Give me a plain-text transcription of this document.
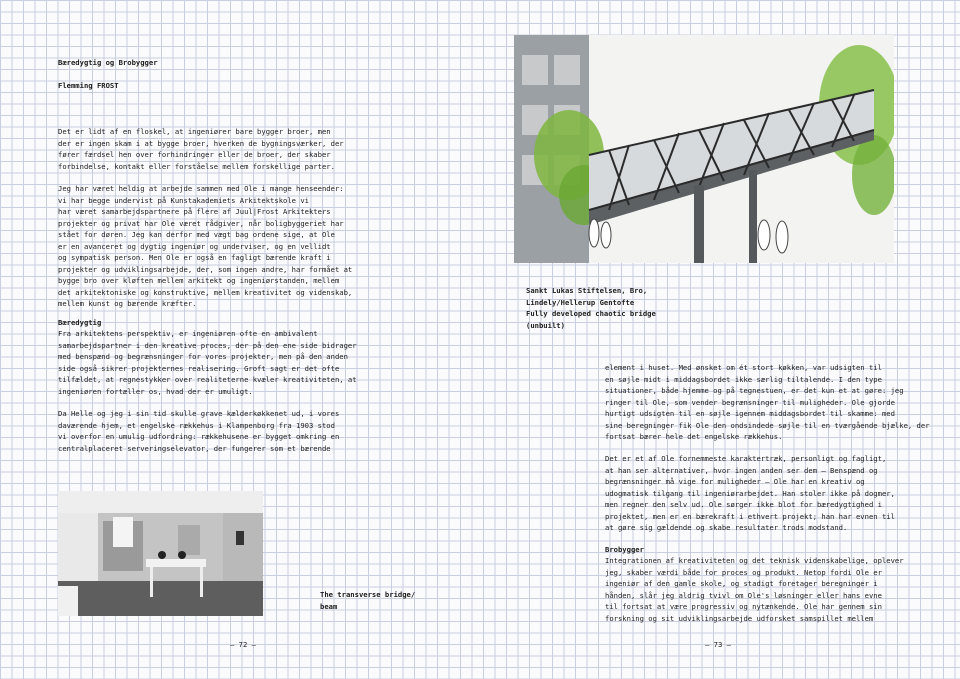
Bæredygtig og Brobygger

Flemming FROST

Det er lidt af en floskel, at ingeniører bare bygger broer, men
der er ingen skam i at bygge broer, hverken de bygningsværker, der
fører færdsel hen over forhindringer eller de broer, der skaber
forbindelse, kontakt eller forståelse mellem forskellige parter.

Jeg har været heldig at arbejde sammen med Ole i mange henseender:
vi har begge undervist på Kunstakademiets Arkitektskole vi
har været samarbejdspartnere på flere af Juul|Frost Arkitekters
projekter og privat har Ole været rådgiver, når boligbyggeriet har
stået for døren. Jeg kan derfor med vægt bag ordene sige, at Ole
er en avanceret og dygtig ingeniør og underviser, og en vellidt
og sympatisk person. Men Ole er også en fagligt bærende kraft i
projekter og udviklingsarbejde, der, som ingen andre, har formået at
bygge bro over kløften mellem arkitekt og ingeniørstanden, mellem
det arkitektoniske og konstruktive, mellem kreativitet og videnskab,
mellem kunst og bærende kræfter.

Bæredygtig

Fra arkitektens perspektiv, er ingeniøren ofte en ambivalent
samarbejdspartner i den kreative proces, der på den ene side bidrager
med benspænd og begrænsninger for vores projekter, men på den anden
side også sikrer projekternes realisering. Groft sagt er det ofte
tilfældet, at regnestykker over realiteterne kvæler kreativiteten, at
ingeniøren fortæller os, hvad der er umuligt.

Da Helle og jeg i sin tid skulle grave kælderkøkkenet ud, i vores
daværende hjem, et engelske rækkehus i Klampenborg fra 1903 stod
vi overfor en umulig udfordring: rækkehusene er bygget omkring en
centralplaceret serveringselevator, der fungerer som et bærende

The transverse bridge/
beam

— 72 —

Sankt Lukas Stiftelsen, Bro,
Lindely/Hellerup Gentofte
Fully developed chaotic bridge
(unbuilt)

element i huset. Med ønsket om ét stort køkken, var udsigten til
en søjle midt i middagsbordet ikke særlig tiltalende. I den type
situationer, både hjemme og på tegnestuen, er det kun et at gøre: jeg
ringer til Ole, som vender begrænsninger til muligheder. Ole gjorde
hurtigt udsigten til en søjle igennem middagsbordet til skamme: med
sine beregninger fik Ole den ondsindede søjle til en tværgående bjælke, der
fortsat bærer hele det engelske rækkehus.

Det er et af Ole fornemmeste karaktertræk, personligt og fagligt,
at han ser alternativer, hvor ingen anden ser dem – Benspænd og
begrænsninger må vige for muligheder – Ole har en kreativ og
udogmatisk tilgang til ingeniørarbejdet. Han stoler ikke på dogmer,
men regner den selv ud. Ole sørger ikke blot for bæredygtighed i
projektet, men er en bærekraft i ethvert projekt; han har evnen til
at gøre sig gældende og skabe resultater trods modstand.

Brobygger

Integrationen af kreativiteten og det teknisk videnskabelige, oplever
jeg, skaber værdi både for proces og produkt. Netop fordi Ole er
ingeniør af den gamle skole, og stadigt foretager beregninger i
hånden, slår jeg aldrig tvivl om Ole's løsninger eller hans evne
til fortsat at være progressiv og nytænkende. Ole har gennem sin
forskning og sit udviklingsarbejde udforsket samspillet mellem

— 73 —
